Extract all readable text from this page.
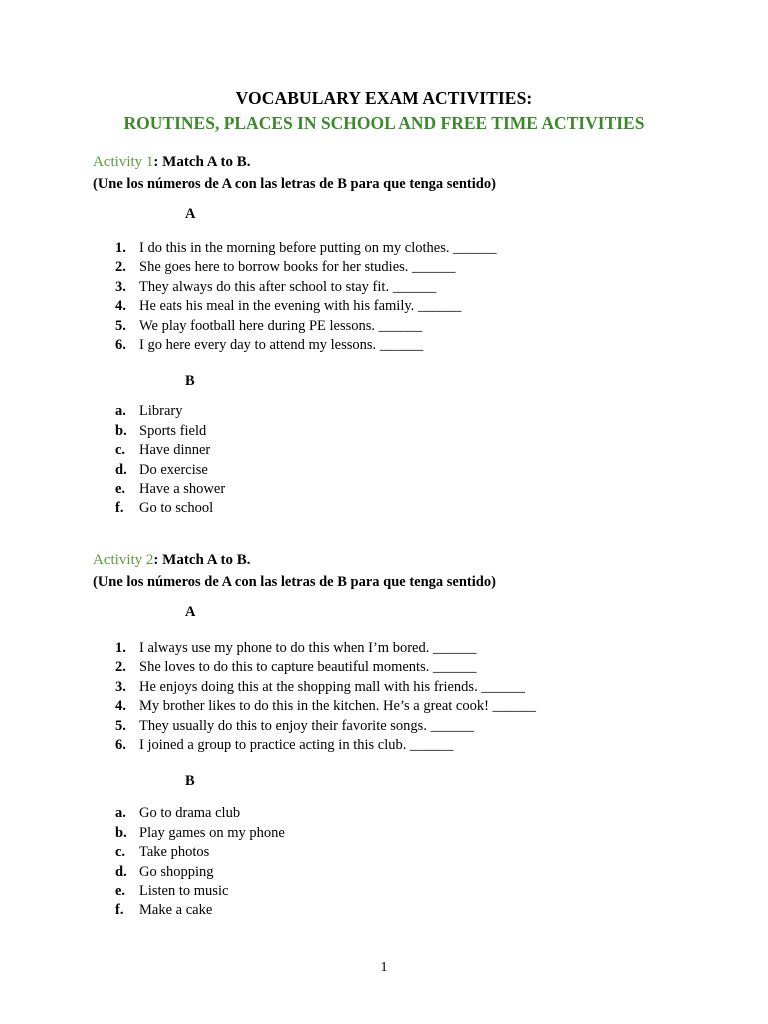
VOCABULARY EXAM ACTIVITIES:
ROUTINES, PLACES IN SCHOOL AND FREE TIME ACTIVITIES
Activity 1: Match A to B.
(Une los números de A con las letras de B para que tenga sentido)
A
1. I do this in the morning before putting on my clothes. ______
2. She goes here to borrow books for her studies. ______
3. They always do this after school to stay fit. ______
4. He eats his meal in the evening with his family. ______
5. We play football here during PE lessons. ______
6. I go here every day to attend my lessons. ______
B
a. Library
b. Sports field
c. Have dinner
d. Do exercise
e. Have a shower
f. Go to school
Activity 2: Match A to B.
(Une los números de A con las letras de B para que tenga sentido)
A
1. I always use my phone to do this when I’m bored. ______
2. She loves to do this to capture beautiful moments. ______
3. He enjoys doing this at the shopping mall with his friends. ______
4. My brother likes to do this in the kitchen. He’s a great cook! ______
5. They usually do this to enjoy their favorite songs. ______
6. I joined a group to practice acting in this club. ______
B
a. Go to drama club
b. Play games on my phone
c. Take photos
d. Go shopping
e. Listen to music
f. Make a cake
1
